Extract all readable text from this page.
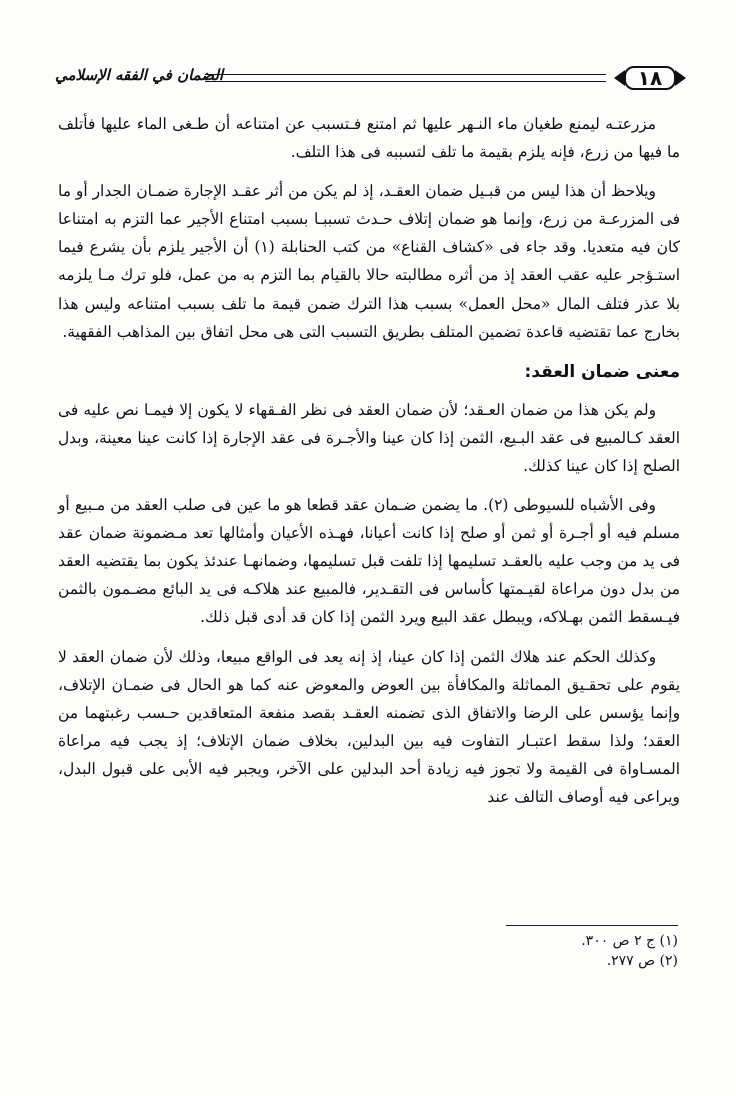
١٨
الضمان في الفقه الإسلامي

مزرعتـه ليمنع طغيان ماء النـهر عليها ثم امتنع فـتسبب عن امتناعه أن طـغى الماء عليها فأتلف ما فيها من زرع، فإنه يلزم بقيمة ما تلف لتسببه فى هذا التلف.

ويلاحظ أن هذا ليس من قبـيل ضمان العقـد، إذ لم يكن من أثر عقـد الإجارة ضمـان الجدار أو ما فى المزرعـة من زرع، وإنما هو ضمان إتلاف حـدث تسببـا بسبب امتناع الأجير عما التزم به امتناعا كان فيه متعديا. وقد جاء فى «كشاف القناع» من كتب الحنابلة (١) أن الأجير يلزم بأن يشرع فيما استـؤجر عليه عقب العقد إذ من أثره مطالبته حالا بالقيام بما التزم به من عمل، فلو ترك مـا يلزمه بلا عذر فتلف المال «محل العمل» بسبب هذا الترك ضمن قيمة ما تلف بسبب امتناعه وليس هذا بخارج عما تقتضيه قاعدة تضمين المتلف بطريق التسبب التى هى محل اتفاق بين المذاهب الفقهية.

معنى ضمان العقد:

ولم يكن هذا من ضمان العـقد؛ لأن ضمان العقد فى نظر الفـقهاء لا يكون إلا فيمـا نص عليه فى العقد كـالمبيع فى عقد البـيع، الثمن إذا كان عينا والأجـرة فى عقد الإجارة إذا كانت عينا معينة، وبدل الصلح إذا كان عينا كذلك.

وفى الأشباه للسيوطى (٢). ما يضمن ضـمان عقد قطعا هو ما عين فى صلب العقد من مـبيع أو مسلم فيه أو أجـرة أو ثمن أو صلح إذا كانت أعيانا، فهـذه الأعيان وأمثالها تعد مـضمونة ضمان عقد فى يد من وجب عليه بالعقـد تسليمها إذا تلفت قبل تسليمها، وضمانهـا عندئذ يكون بما يقتضيه العقد من بدل دون مراعاة لقيـمتها كأساس فى التقـدير، فالمبيع عند هلاكـه فى يد البائع مضـمون بالثمن فيـسقط الثمن بهـلاكه، ويبطل عقد البيع ويرد الثمن إذا كان قد أدى قبل ذلك.

وكذلك الحكم عند هلاك الثمن إذا كان عينا، إذ إنه يعد فى الواقع مبيعا، وذلك لأن ضمان العقد لا يقوم على تحقـيق المماثلة والمكافأة بين العوض والمعوض عنه كما هو الحال فى ضمـان الإتلاف، وإنما يؤسس على الرضا والاتفاق الذى تضمنه العقـد بقصد منفعة المتعاقدين حـسب رغبتهما من العقد؛ ولذا سقط اعتبـار التفاوت فيه بين البدلين، بخلاف ضمان الإتلاف؛ إذ يجب فيه مراعاة المسـاواة فى القيمة ولا تجوز فيه زيادة أحد البدلين على الآخر، ويجبر فيه الأبى على قبول البدل، ويراعى فيه أوصاف التالف عند

(١) ج ٢ ص ٣٠٠.
(٢) ص ٢٧٧.
